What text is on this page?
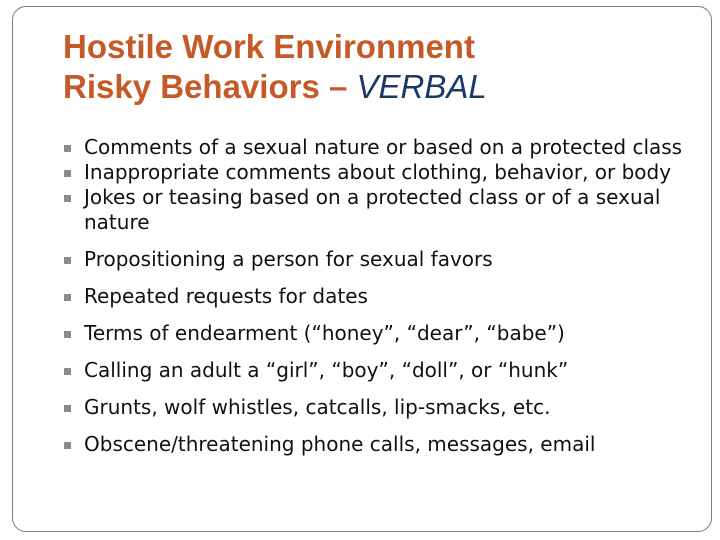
Hostile Work Environment
Risky Behaviors – VERBAL
Comments of a sexual nature or based on a protected class
Inappropriate comments about clothing, behavior, or body
Jokes or teasing based on a protected class or of a sexual nature
Propositioning a person for sexual favors
Repeated requests for dates
Terms of endearment (“honey”, “dear”, “babe”)
Calling an adult a “girl”, “boy”, “doll”, or “hunk”
Grunts, wolf whistles, catcalls, lip-smacks, etc.
Obscene/threatening phone calls, messages, email
